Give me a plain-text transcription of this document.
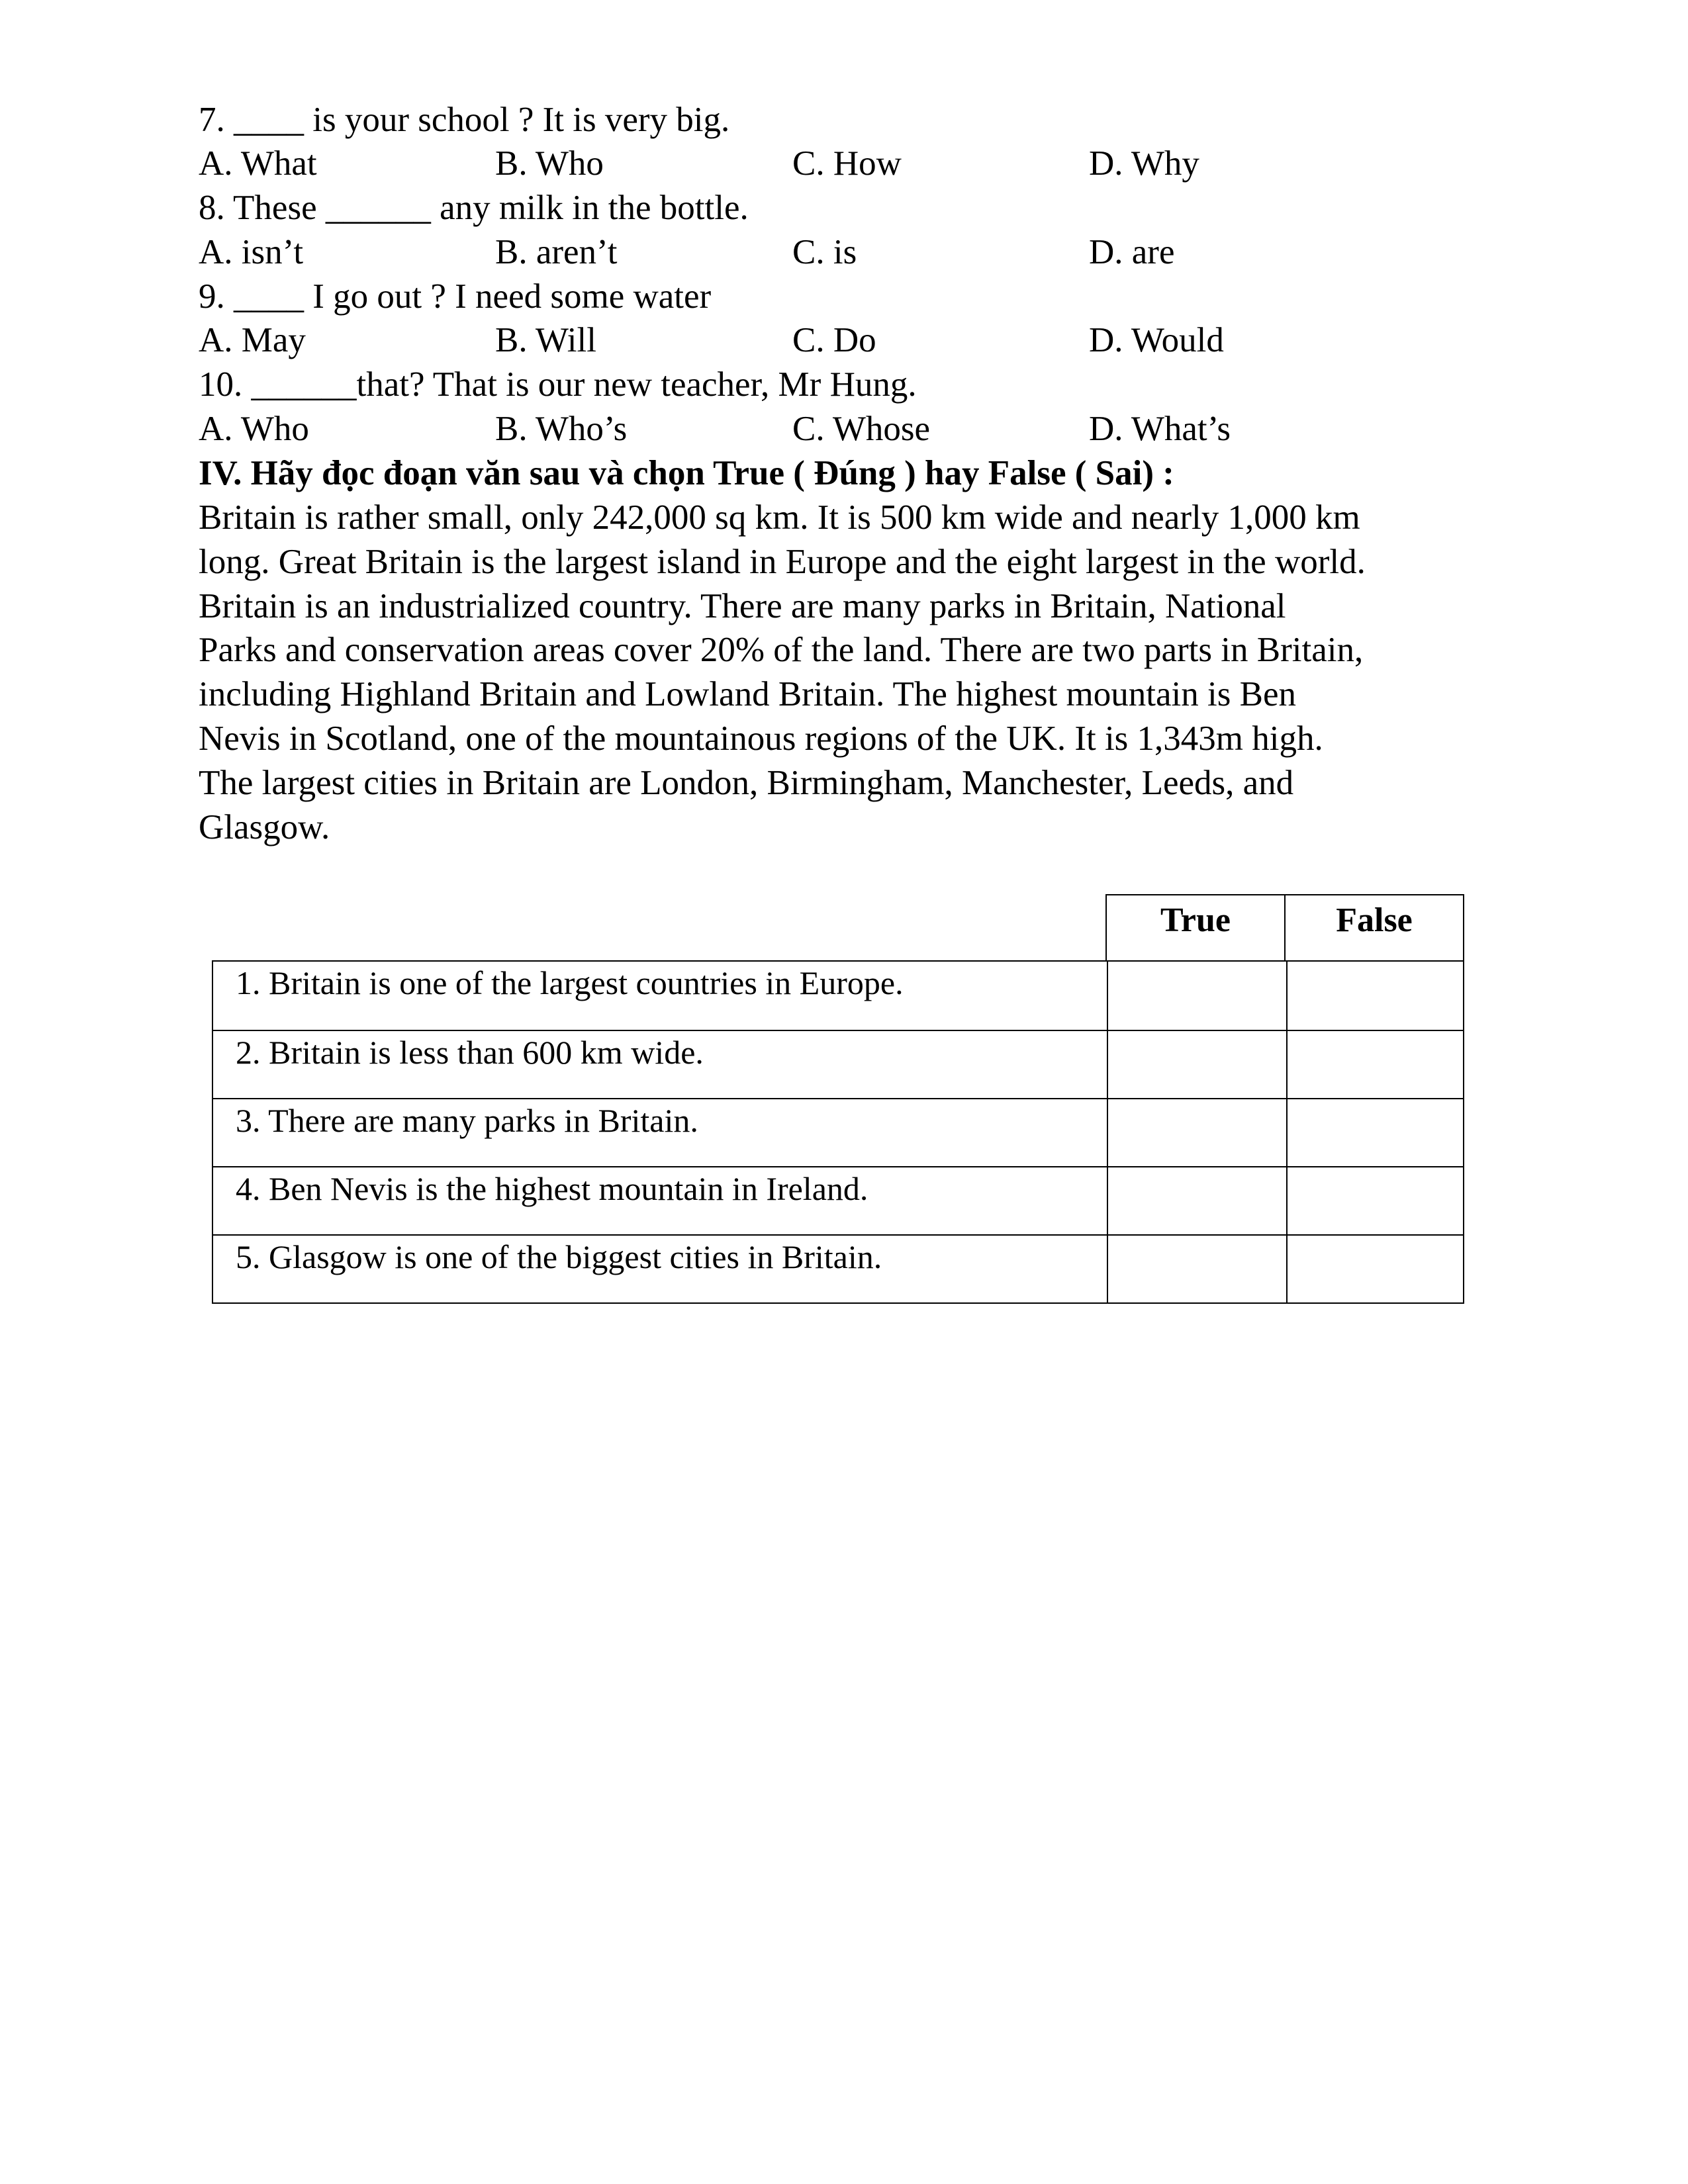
7. ____ is your school ? It is very big.
A. What	B. Who	C. How	D. Why
8. These ______ any milk in the bottle.
A. isn’t	B. aren’t	C. is	D. are
9. ____ I go out ? I need some water
A. May	B. Will	C. Do	D. Would
10. ______that? That is our new teacher, Mr Hung.
A. Who	B. Who’s	C. Whose	D. What’s
IV. Hãy đọc đoạn văn sau và chọn True ( Đúng ) hay False ( Sai) :
Britain is rather small, only 242,000 sq km. It is 500 km wide and nearly 1,000 km
long. Great Britain is the largest island in Europe and the eight largest in the world.
Britain is an industrialized country. There are many parks in Britain, National
Parks and conservation areas cover 20% of the land. There are two parts in Britain,
including Highland Britain and Lowland Britain. The highest mountain is Ben
Nevis in Scotland, one of the mountainous regions of the UK. It is 1,343m high.
The largest cities in Britain are London, Birmingham, Manchester, Leeds, and
Glasgow.
True	False
1. Britain is one of the largest countries in Europe.
2. Britain is less than 600 km wide.
3. There are many parks in Britain.
4. Ben Nevis is the highest mountain in Ireland.
5. Glasgow is one of the biggest cities in Britain.
